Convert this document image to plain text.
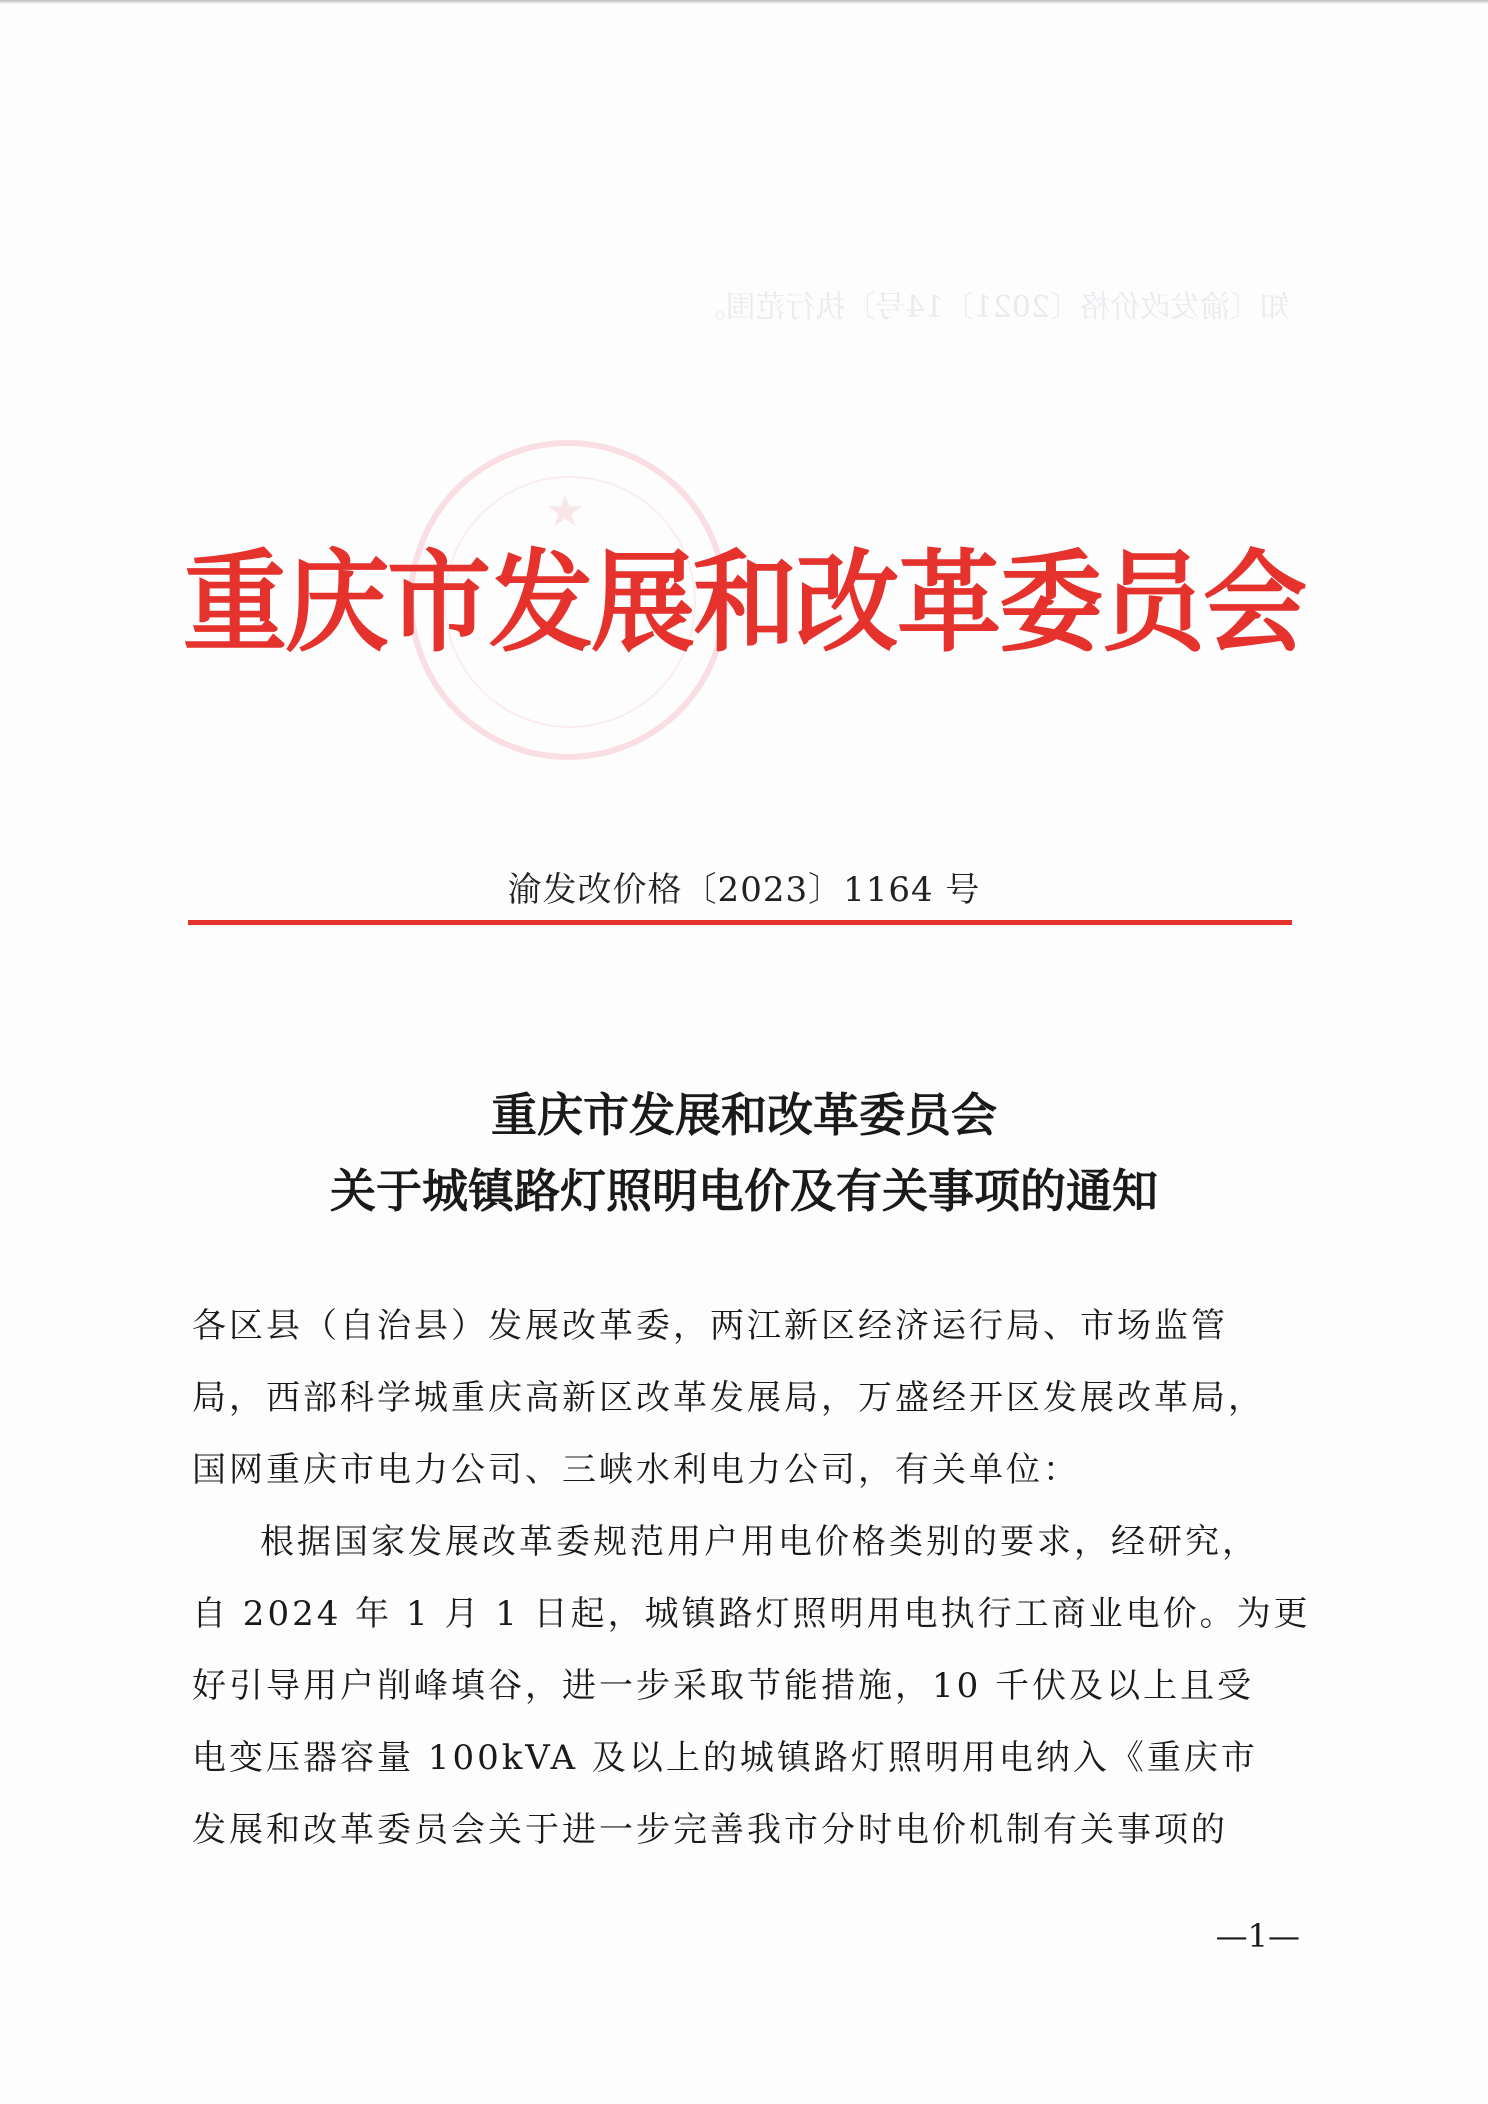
知〔渝发改价格〔2021〕14号〕执行范围。
★
重庆市发展和改革委员会
渝发改价格〔2023〕1164 号
重庆市发展和改革委员会
关于城镇路灯照明电价及有关事项的通知
各区县（自治县）发展改革委，两江新区经济运行局、市场监管
局，西部科学城重庆高新区改革发展局，万盛经开区发展改革局，
国网重庆市电力公司、三峡水利电力公司，有关单位：
根据国家发展改革委规范用户用电价格类别的要求，经研究，
自 2024 年 1 月 1 日起，城镇路灯照明用电执行工商业电价。为更
好引导用户削峰填谷，进一步采取节能措施，10 千伏及以上且受
电变压器容量 100kVA 及以上的城镇路灯照明用电纳入《重庆市
发展和改革委员会关于进一步完善我市分时电价机制有关事项的
—1—
